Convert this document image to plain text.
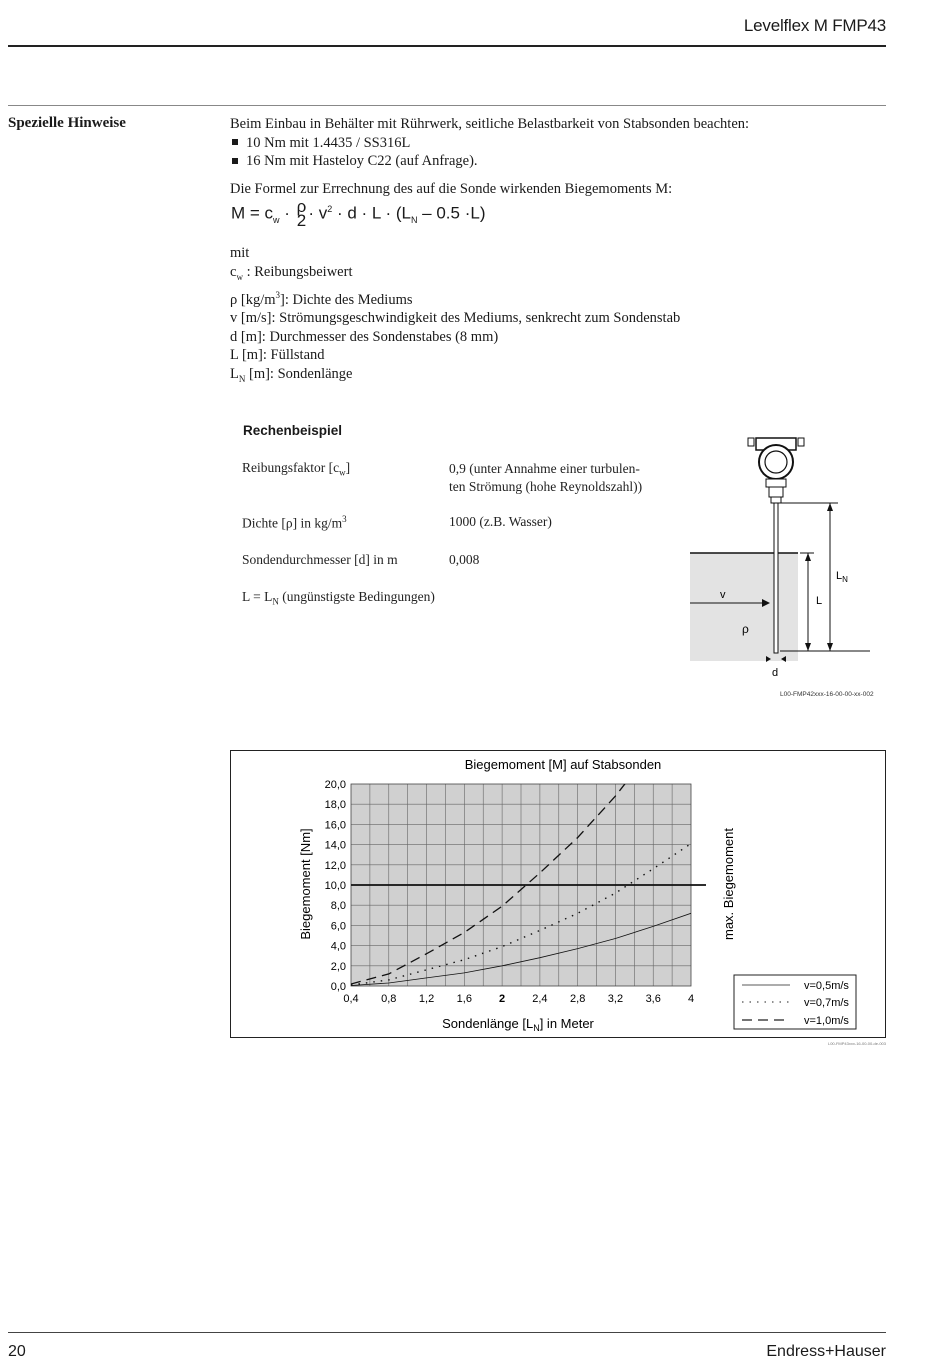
Levelflex M FMP43
Spezielle Hinweise	Beim Einbau in Behälter mit Rührwerk, seitliche Belastbarkeit von Stabsonden beachten:
10 Nm mit 1.4435 / SS316L
16 Nm mit Hasteloy C22 (auf Anfrage).
Die Formel zur Errechnung des auf die Sonde wirkenden Biegemoments M:
$M = c_w \cdot \rho$
$2 \cdot v^2 \cdot d \cdot L \cdot (L_N - 0.5 \cdot L)$
mit
$c_w$ : Reibungsbeiwert
ρ $[kg/m^3]$: Dichte des Mediums
v [m/s]: Strömungsgeschwindigkeit des Mediums, senkrecht zum Sondenstab
d [m]: Durchmesser des Sondenstabes (8 mm)
L [m]: Füllstand
$L_N$ [m]: Sondenlänge
Rechenbeispiel
Reibungsfaktor $[c_w]$	0,9 (unter Annahme einer turbulen-
ten Strömung (hohe Reynoldszahl))
Dichte [ρ] in $kg/m^3$	1000 (z.B. Wasser)
Sondendurchmesser [d] in m	0,008
$L = L_N$ (ungünstigste Bedingungen)	v
ρ
L
$L_N$
d
L00-FMP42xxx-16-00-00-xx-002
Biegemoment [M] auf Stabsonden
Biegemoment [Nm]	max. Biegemoment
Sondenlänge $[L_N]$ in Meter
0,4 0,8 1,2 1,6 2 2,4 2,8 3,2 3,6 4
0,0
2,0
4,0
6,0
8,0
10,0
12,0
14,0
16,0
18,0
20,0
v=0,5m/s
v=0,7m/s
v=1,0m/s
L00-FMP43xxx-16-00-00-de-003
20	Endress+Hauser
